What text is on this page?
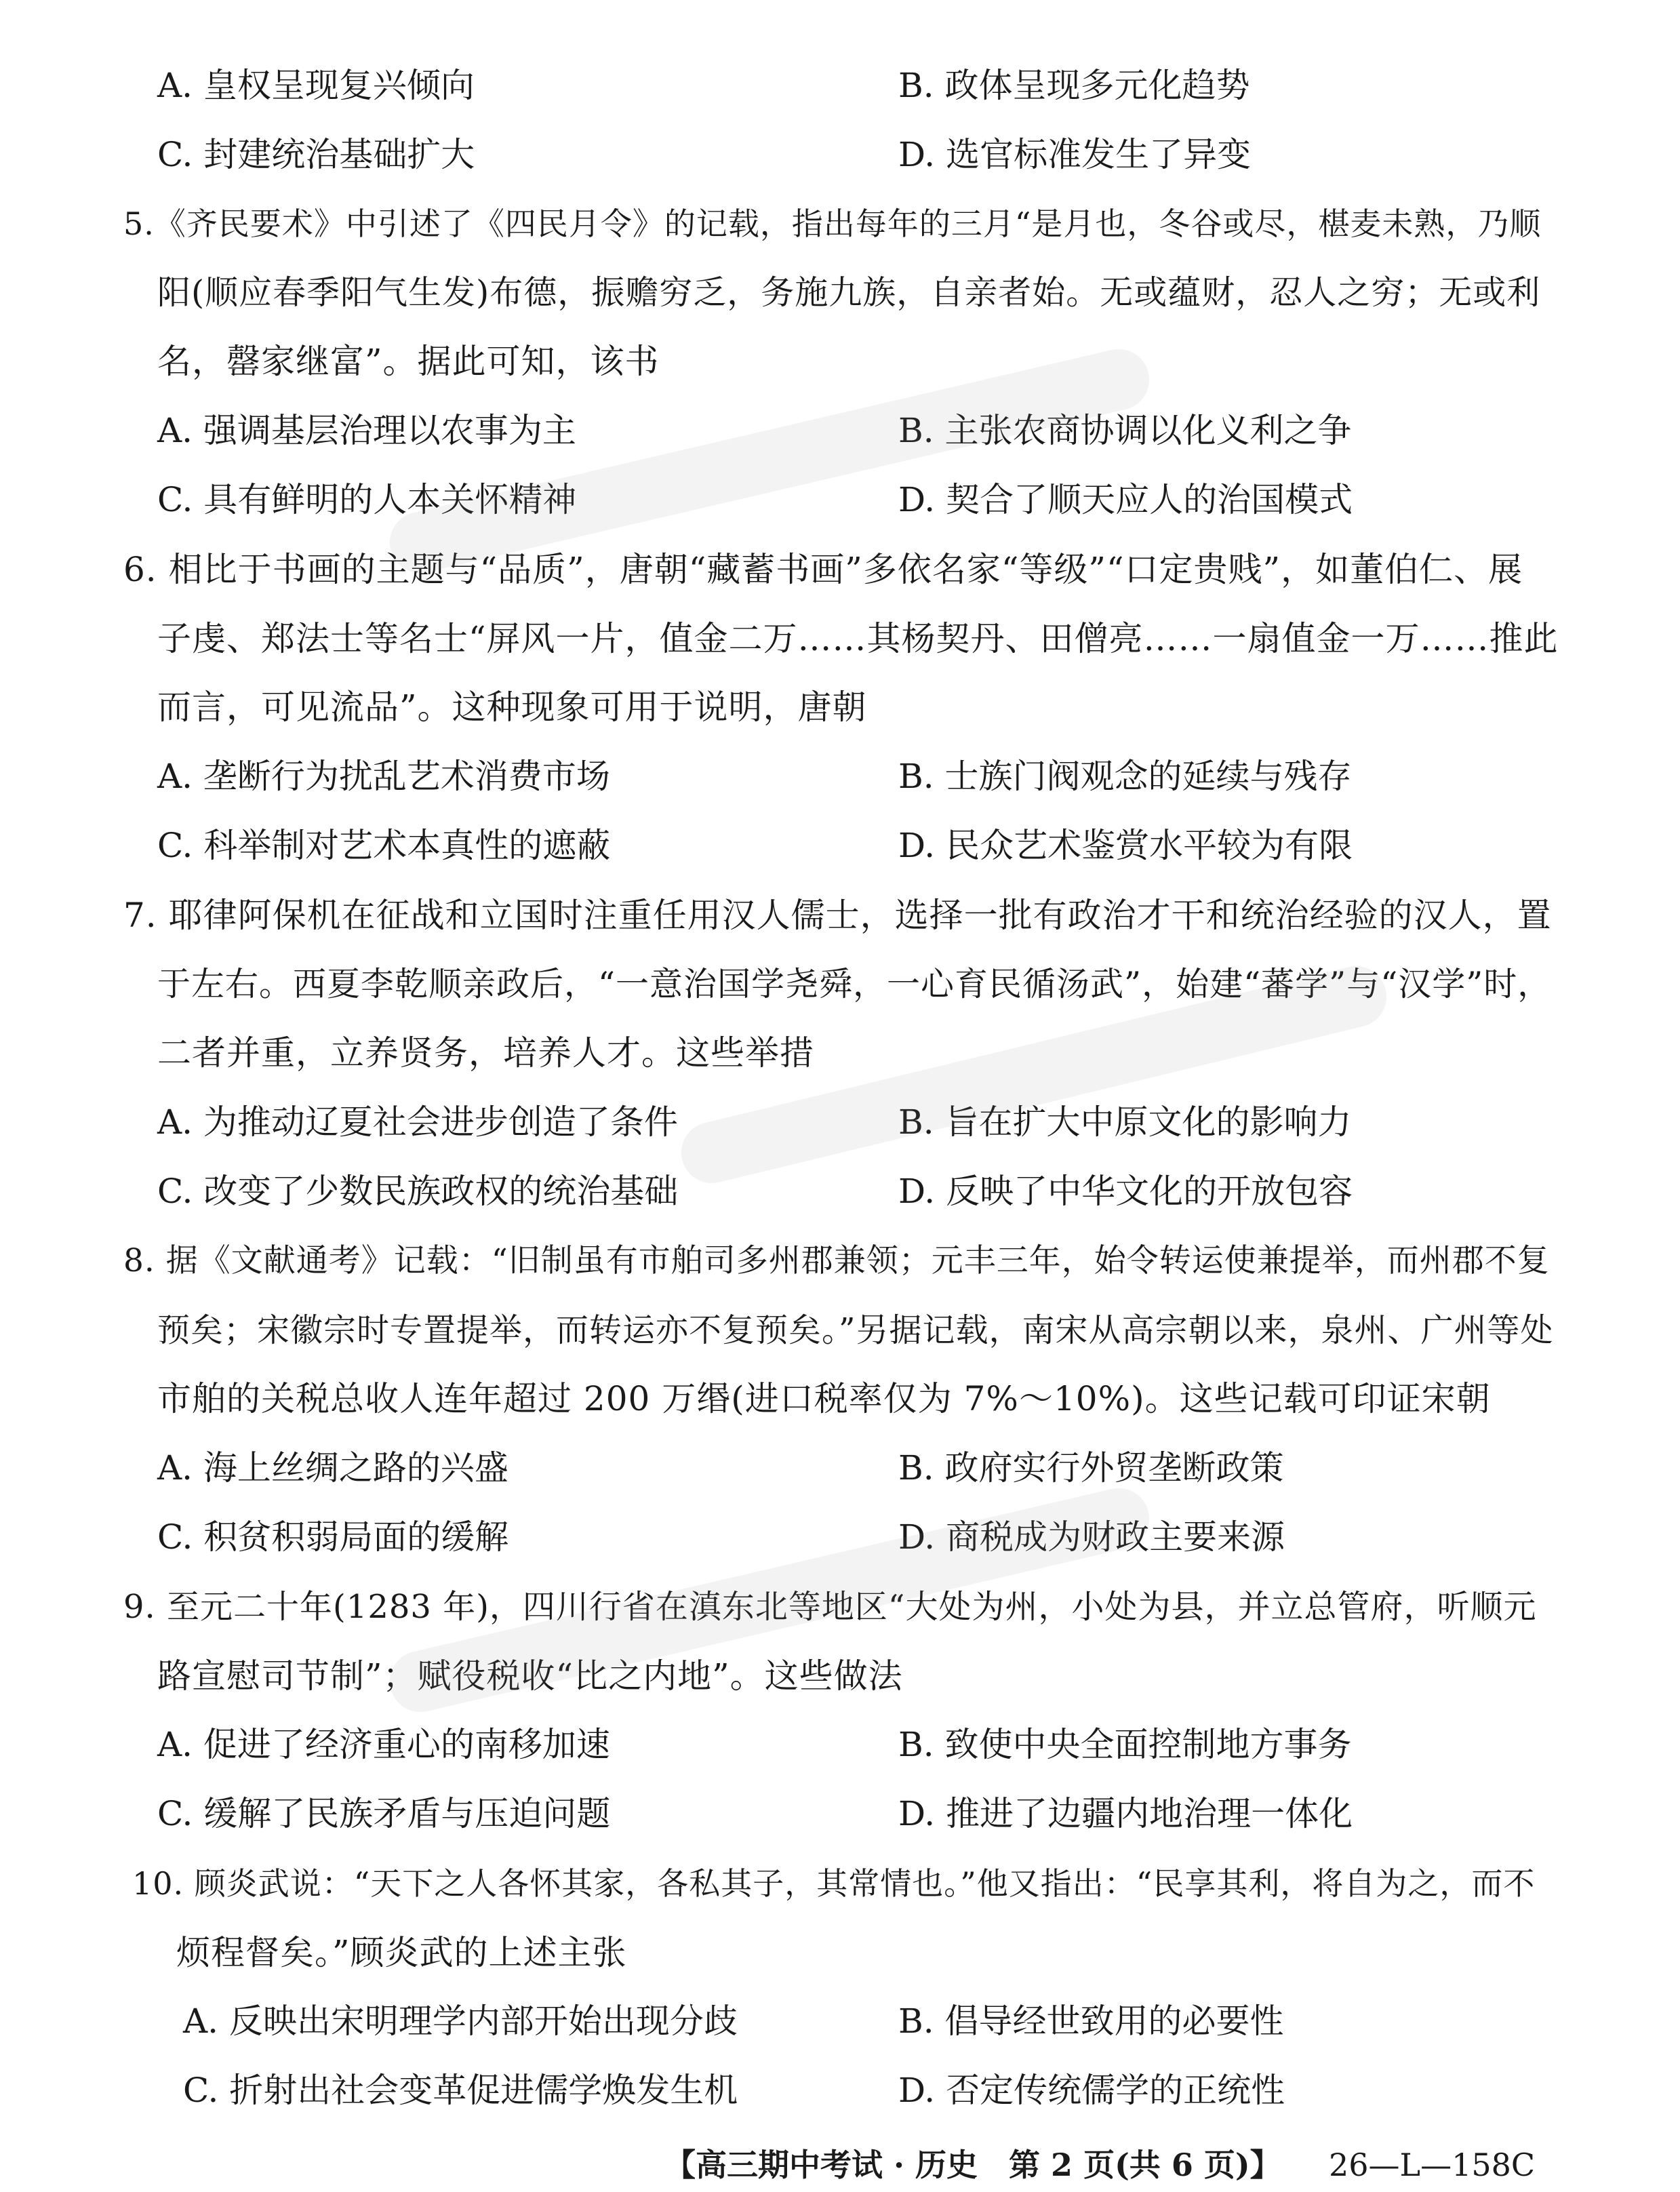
A. 皇权呈现复兴倾向	B. 政体呈现多元化趋势
C. 封建统治基础扩大	D. 选官标准发生了异变
5.《齐民要术》中引述了《四民月令》的记载，指出每年的三月“是月也，冬谷或尽，椹麦未熟，乃顺
阳(顺应春季阳气生发)布德，振赡穷乏，务施九族，自亲者始。无或蕴财，忍人之穷；无或利
名，罄家继富”。据此可知，该书
A. 强调基层治理以农事为主	B. 主张农商协调以化义利之争
C. 具有鲜明的人本关怀精神	D. 契合了顺天应人的治国模式
6. 相比于书画的主题与“品质”，唐朝“藏蓄书画”多依名家“等级”“口定贵贱”，如董伯仁、展
子虔、郑法士等名士“屏风一片，值金二万……其杨契丹、田僧亮……一扇值金一万……推此
而言，可见流品”。这种现象可用于说明，唐朝
A. 垄断行为扰乱艺术消费市场	B. 士族门阀观念的延续与残存
C. 科举制对艺术本真性的遮蔽	D. 民众艺术鉴赏水平较为有限
7. 耶律阿保机在征战和立国时注重任用汉人儒士，选择一批有政治才干和统治经验的汉人，置
于左右。西夏李乾顺亲政后，“一意治国学尧舜，一心育民循汤武”，始建“蕃学”与“汉学”时，
二者并重，立养贤务，培养人才。这些举措
A. 为推动辽夏社会进步创造了条件	B. 旨在扩大中原文化的影响力
C. 改变了少数民族政权的统治基础	D. 反映了中华文化的开放包容
8. 据《文献通考》记载：“旧制虽有市舶司多州郡兼领；元丰三年，始令转运使兼提举，而州郡不复
预矣；宋徽宗时专置提举，而转运亦不复预矣。”另据记载，南宋从高宗朝以来，泉州、广州等处
市舶的关税总收人连年超过 200 万缗(进口税率仅为 7%～10%)。这些记载可印证宋朝
A. 海上丝绸之路的兴盛	B. 政府实行外贸垄断政策
C. 积贫积弱局面的缓解	D. 商税成为财政主要来源
9. 至元二十年(1283 年)，四川行省在滇东北等地区“大处为州，小处为县，并立总管府，听顺元
路宣慰司节制”；赋役税收“比之内地”。这些做法
A. 促进了经济重心的南移加速	B. 致使中央全面控制地方事务
C. 缓解了民族矛盾与压迫问题	D. 推进了边疆内地治理一体化
10. 顾炎武说：“天下之人各怀其家，各私其子，其常情也。”他又指出：“民享其利，将自为之，而不
烦程督矣。”顾炎武的上述主张
A. 反映出宋明理学内部开始出现分歧	B. 倡导经世致用的必要性
C. 折射出社会变革促进儒学焕发生机	D. 否定传统儒学的正统性
【高三期中考试 · 历史　第 2 页(共 6 页)】 26—L—158C
